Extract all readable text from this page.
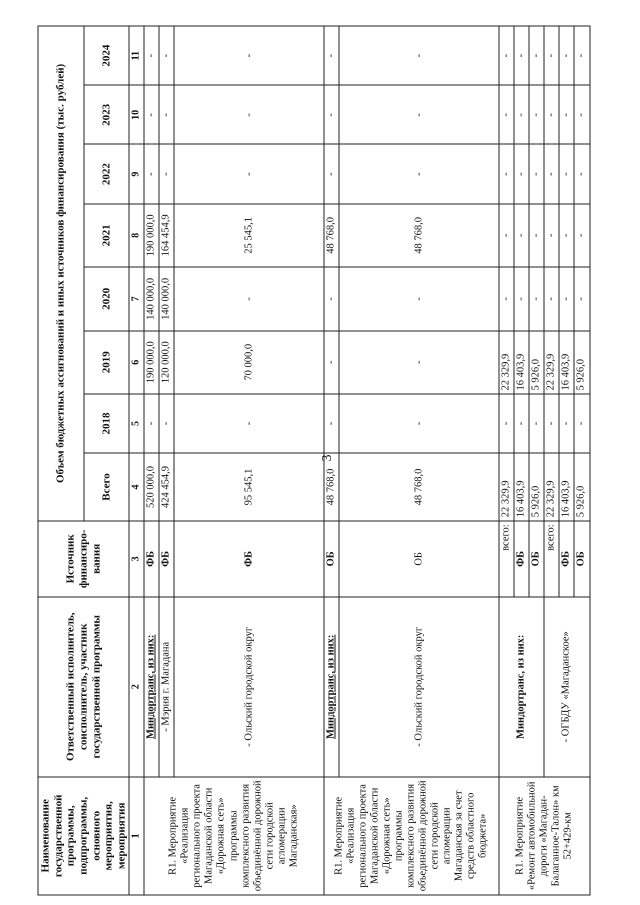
3
Наименование государственной программы, подпрограммы, основного мероприятия, мероприятия	Ответственный исполнитель, соисполнитель, участник государственной программы	Источник финансиро-вания	Объем бюджетных ассигнований и иных источников финансирования (тыс. рублей)							
			Всего	2018	2019	2020	2021	2022	2023	2024
1	2	3	4	5	6	7	8	9	10	11
R1. Мероприятие «Реализация регионального проекта Магаданской области «Дорожная сеть» программы комплексного развития объединённой дорожной сети городской агломерации Магаданская»	Миндортранс, из них:	ФБ	520 000,0	-	190 000,0	140 000,0	190 000,0	-	-	-
	- Мэрия г. Магадана	ФБ	424 454,9	-	120 000,0	140 000,0	164 454,9	-	-	-
	- Ольский городской округ	ФБ	95 545,1	-	70 000,0	-	25 545,1	-	-	-
R1. Мероприятие «Реализация регионального проекта Магаданской области «Дорожная сеть» программы комплексного развития объединённой дорожной сети городской агломерации Магаданская за счет средств областного бюджета»	Миндортранс, из них:	ОБ	48 768,0	-	-	-	48 768,0	-	-	-
	- Ольский городской округ	ОБ	48 768,0	-	-	-	48 768,0	-	-	-
R1. Мероприятие «Ремонт автомобильной дороги «Магадан-Балаганное-Талон» км 52+429-км	Миндортранс, из них:	всего:	22 329,9	-	22 329,9	-	-	-	-	-
		ФБ	16 403,9	-	16 403,9	-	-	-	-	-
		ОБ	5 926,0	-	5 926,0	-	-	-	-	-
	- ОГБДУ «Магаданское»	всего:	22 329,9	-	22 329,9	-	-	-	-	-
		ФБ	16 403,9	-	16 403,9	-	-	-	-	-
		ОБ	5 926,0	-	5 926,0	-	-	-	-	-
